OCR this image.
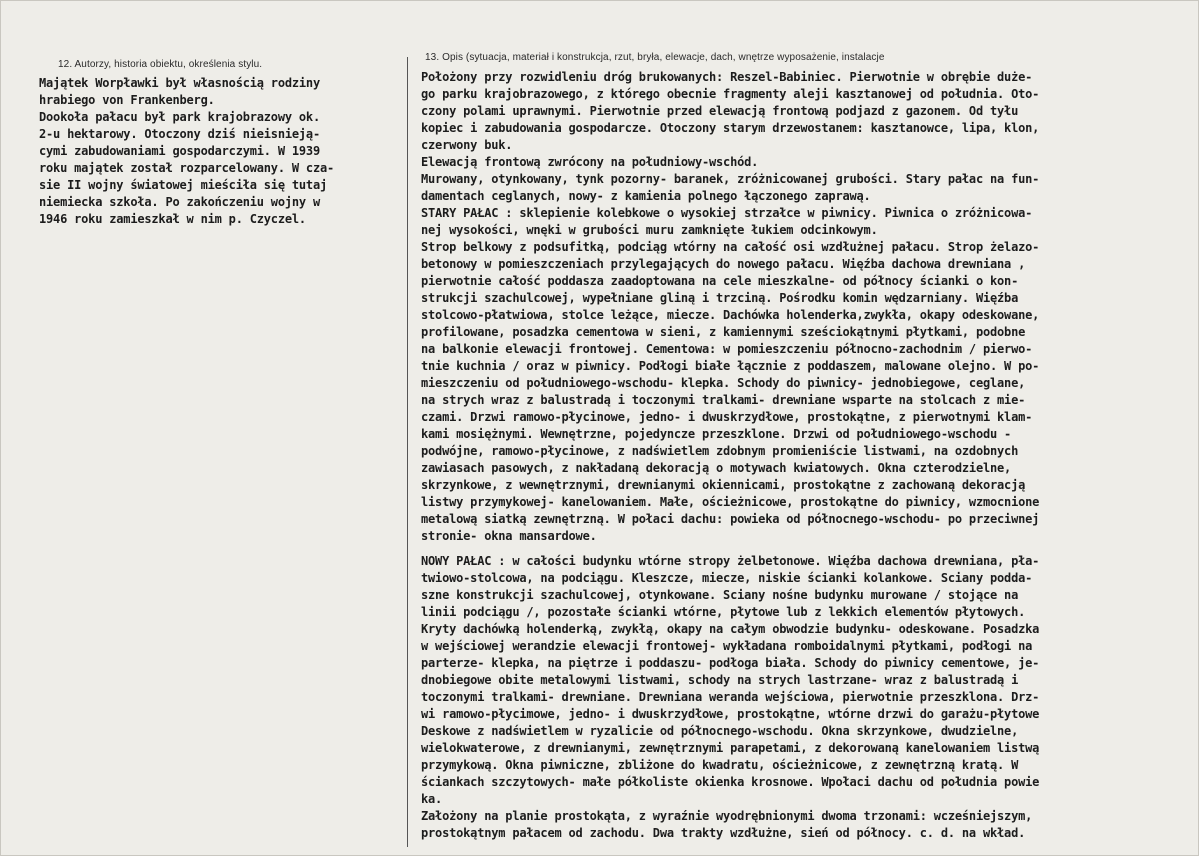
12. Autorzy, historia obiektu, określenia stylu.
13. Opis (sytuacja, materiał i konstrukcja, rzut, bryła, elewacje, dach, wnętrze wyposażenie, instalacje
Majątek Worpławki był własnością rodziny
hrabiego von Frankenberg.
Dookoła pałacu był park krajobrazowy ok.
2-u hektarowy. Otoczony dziś nieisnieją-
cymi zabudowaniami gospodarczymi. W 1939
roku majątek został rozparcelowany. W cza-
sie II wojny światowej mieściła się tutaj
niemiecka szkoła. Po zakończeniu wojny w
1946 roku zamieszkał w nim p. Czyczel.
Położony przy rozwidleniu dróg brukowanych: Reszel-Babiniec. Pierwotnie w obrębie duże-
go parku krajobrazowego, z którego obecnie fragmenty aleji kasztanowej od południa. Oto-
czony polami uprawnymi. Pierwotnie przed elewacją frontową podjazd z gazonem. Od tyłu
kopiec i zabudowania gospodarcze. Otoczony starym drzewostanem: kasztanowce, lipa, klon,
czerwony buk.
Elewacją frontową zwrócony na południowy-wschód.
Murowany, otynkowany, tynk pozorny- baranek, zróżnicowanej grubości. Stary pałac na fun-
damentach ceglanych, nowy- z kamienia polnego łączonego zaprawą.
STARY PAŁAC : sklepienie kolebkowe o wysokiej strzałce w piwnicy. Piwnica o zróżnicowa-
nej wysokości, wnęki w grubości muru zamknięte łukiem odcinkowym.
Strop belkowy z podsufitką, podciąg wtórny na całość osi wzdłużnej pałacu. Strop żelazo-
betonowy w pomieszczeniach przylegających do nowego pałacu. Więźba dachowa drewniana ,
pierwotnie całość poddasza zaadoptowana na cele mieszkalne- od północy ścianki o kon-
strukcji szachulcowej, wypełniane gliną i trzciną. Pośrodku komin wędzarniany. Więźba
stolcowo-płatwiowa, stolce leżące, miecze. Dachówka holenderka,zwykła, okapy odeskowane,
profilowane, posadzka cementowa w sieni, z kamiennymi sześciokątnymi płytkami, podobne
na balkonie elewacji frontowej. Cementowa: w pomieszczeniu północno-zachodnim / pierwo-
tnie kuchnia / oraz w piwnicy. Podłogi białe łącznie z poddaszem, malowane olejno. W po-
mieszczeniu od południowego-wschodu- klepka. Schody do piwnicy- jednobiegowe, ceglane,
na strych wraz z balustradą i toczonymi tralkami- drewniane wsparte na stolcach z mie-
czami. Drzwi ramowo-płycinowe, jedno- i dwuskrzydłowe, prostokątne, z pierwotnymi klam-
kami mosiężnymi. Wewnętrzne, pojedyncze przeszklone. Drzwi od południowego-wschodu -
podwójne, ramowo-płycinowe, z nadświetlem zdobnym promieniście listwami, na ozdobnych
zawiasach pasowych, z nakładaną dekoracją o motywach kwiatowych. Okna czterodzielne,
skrzynkowe, z wewnętrznymi, drewnianymi okiennicami, prostokątne z zachowaną dekoracją
listwy przymykowej- kanelowaniem. Małe, ościeżnicowe, prostokątne do piwnicy, wzmocnione
metalową siatką zewnętrzną. W połaci dachu: powieka od północnego-wschodu- po przeciwnej
stronie- okna mansardowe.
NOWY PAŁAC : w całości budynku wtórne stropy żelbetonowe. Więźba dachowa drewniana, pła-
twiowo-stolcowa, na podciągu. Kleszcze, miecze, niskie ścianki kolankowe. Sciany podda-
szne konstrukcji szachulcowej, otynkowane. Sciany nośne budynku murowane / stojące na
linii podciągu /, pozostałe ścianki wtórne, płytowe lub z lekkich elementów płytowych.
Kryty dachówką holenderką, zwykłą, okapy na całym obwodzie budynku- odeskowane. Posadzka
w wejściowej werandzie elewacji frontowej- wykładana romboidalnymi płytkami, podłogi na
parterze- klepka, na piętrze i poddaszu- podłoga biała. Schody do piwnicy cementowe, je-
dnobiegowe obite metalowymi listwami, schody na strych lastrzane- wraz z balustradą i
toczonymi tralkami- drewniane. Drewniana weranda wejściowa, pierwotnie przeszklona. Drz-
wi ramowo-płycimowe, jedno- i dwuskrzydłowe, prostokątne, wtórne drzwi do garażu-płytowe
Deskowe z nadświetlem w ryzalicie od północnego-wschodu. Okna skrzynkowe, dwudzielne,
wielokwaterowe, z drewnianymi, zewnętrznymi parapetami, z dekorowaną kanelowaniem listwą
przymykową. Okna piwniczne, zbliżone do kwadratu, ościeżnicowe, z zewnętrzną kratą. W
ściankach szczytowych- małe półkoliste okienka krosnowe. Wpołaci dachu od południa powie
ka.
Założony na planie prostokąta, z wyraźnie wyodrębnionymi dwoma trzonami: wcześniejszym,
prostokątnym pałacem od zachodu. Dwa trakty wzdłużne, sień od północy. c. d. na wkład.
